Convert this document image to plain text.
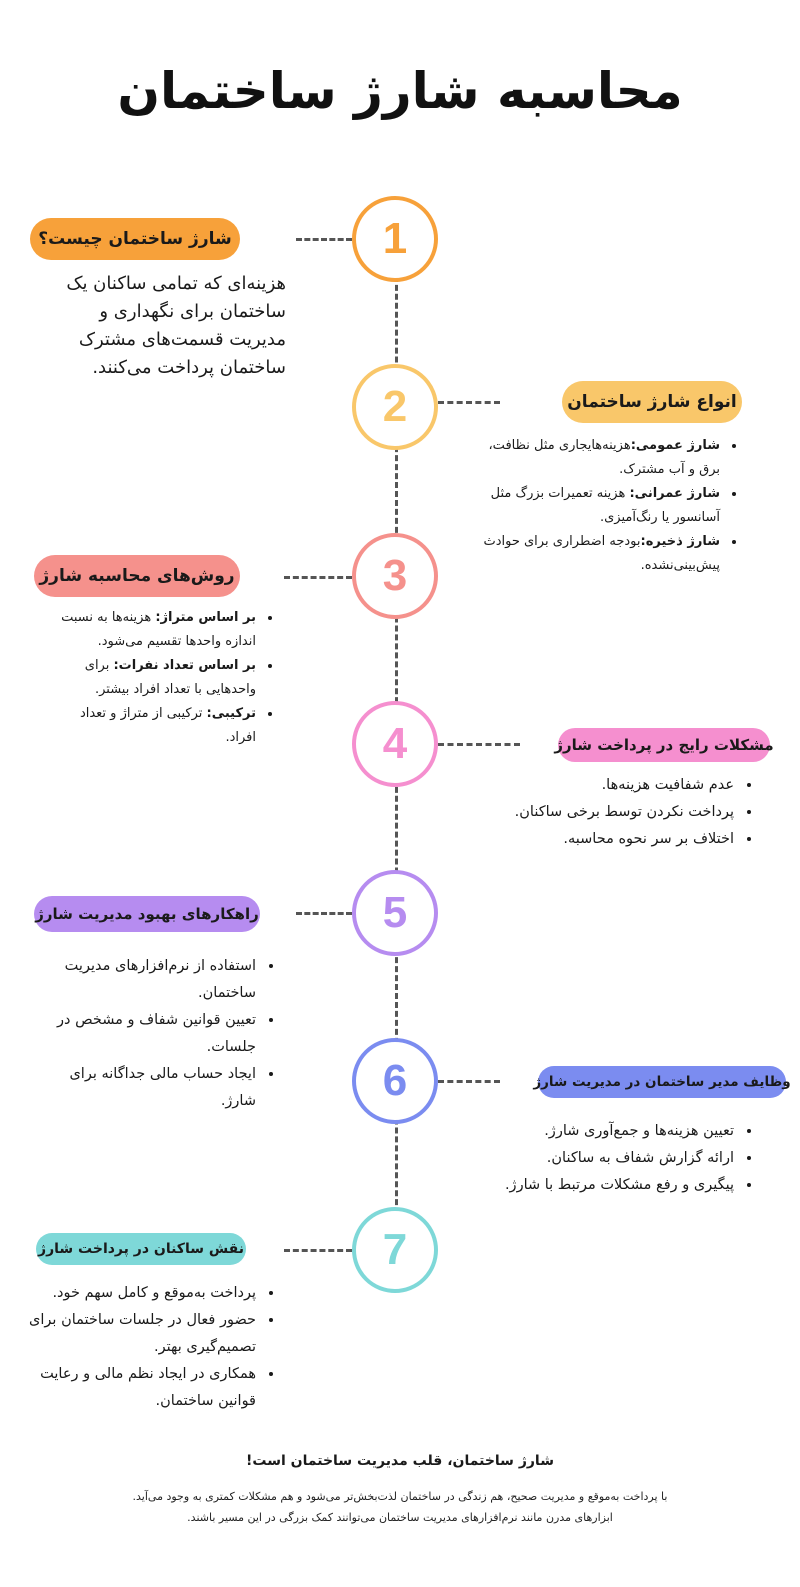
محاسبه شارژ ساختمان
1
شارژ ساختمان چیست؟
هزینه‌ای که تمامی ساکنان یک ساختمان برای نگهداری و مدیریت قسمت‌های مشترک ساختمان پرداخت می‌کنند.
2	انواع شارژ ساختمان
• شارژ عمومی:هزینه‌هایجاری مثل نظافت، برق و آب مشترک.
• شارژ عمرانی: هزینه تعمیرات بزرگ مثل آسانسور یا رنگ‌آمیزی.
• شارژ ذخیره:بودجه اضطراری برای حوادث پیش‌بینی‌نشده.
3
روش‌های محاسبه شارژ
• بر اساس متراژ: هزینه‌ها به نسبت اندازه واحدها تقسیم می‌شود.
• بر اساس تعداد نفرات: برای واحدهایی با تعداد افراد بیشتر.
• ترکیبی: ترکیبی از متراژ و تعداد افراد.	4	مشکلات رایج در پرداخت شارژ
• عدم شفافیت هزینه‌ها.
• پرداخت نکردن توسط برخی ساکنان.
• اختلاف بر سر نحوه محاسبه.
5
راهکارهای بهبود مدیریت شارژ
• استفاده از نرم‌افزارهای مدیریت ساختمان.
• تعیین قوانین شفاف و مشخص در جلسات.
• ایجاد حساب مالی جداگانه برای شارژ.	6	وظایف مدیر ساختمان در مدیریت شارژ
• تعیین هزینه‌ها و جمع‌آوری شارژ.
• ارائه گزارش شفاف به ساکنان.
• پیگیری و رفع مشکلات مرتبط با شارژ.
7
نقش ساکنان در پرداخت شارژ
• پرداخت به‌موقع و کامل سهم خود.
• حضور فعال در جلسات ساختمان برای تصمیم‌گیری بهتر.
• همکاری در ایجاد نظم مالی و رعایت قوانین ساختمان.
شارژ ساختمان، قلب مدیریت ساختمان است!
با پرداخت به‌موقع و مدیریت صحیح، هم زندگی در ساختمان لذت‌بخش‌تر می‌شود و هم مشکلات کمتری به وجود می‌آید. ابزارهای مدرن مانند نرم‌افزارهای مدیریت ساختمان می‌توانند کمک بزرگی در این مسیر باشند.
